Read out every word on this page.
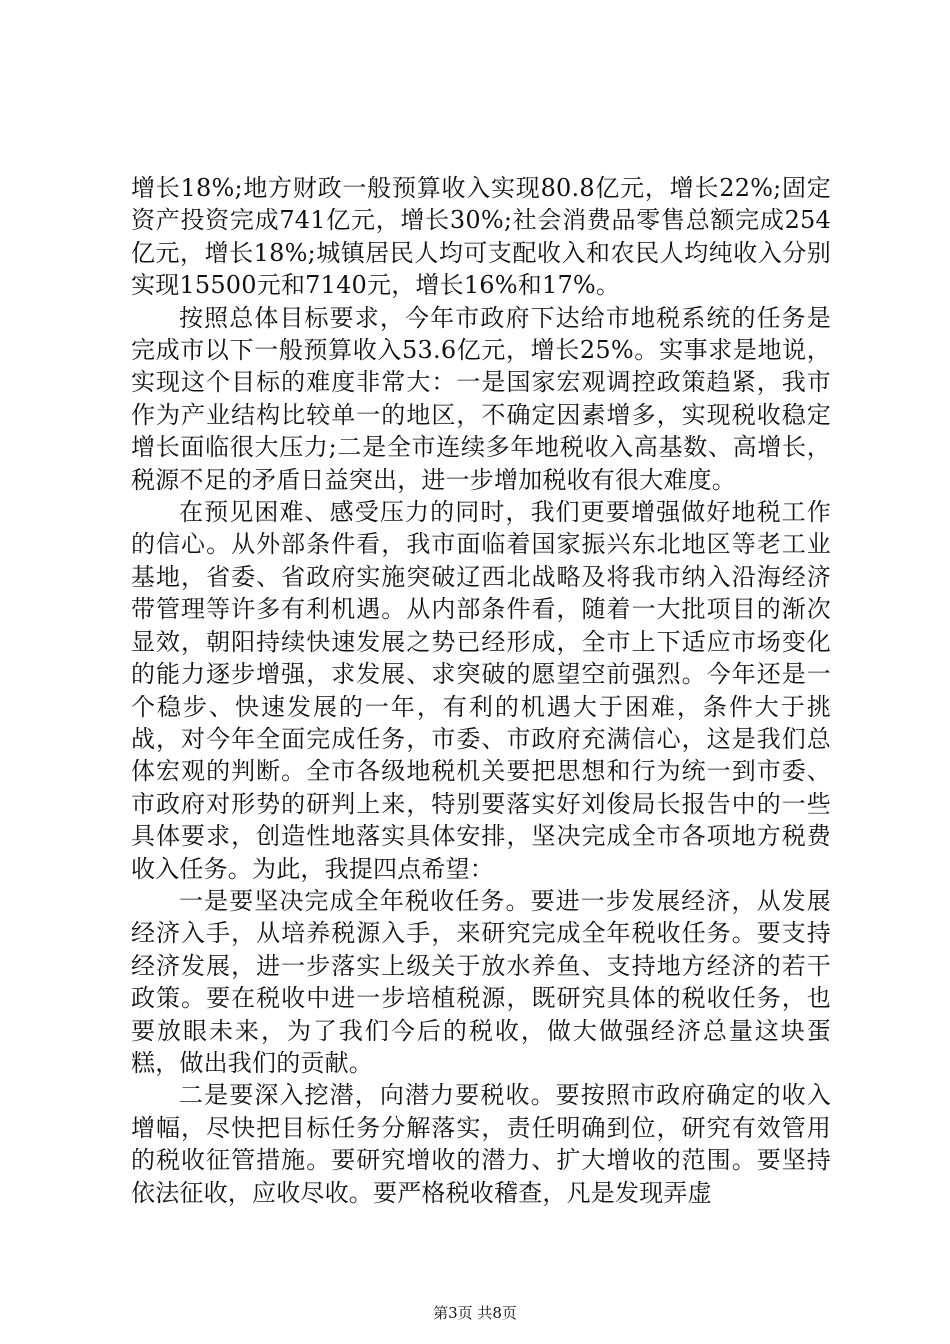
增长18%;地方财政一般预算收入实现80.8亿元，增长22%;固定资产投资完成741亿元，增长30%;社会消费品零售总额完成254亿元，增长18%;城镇居民人均可支配收入和农民人均纯收入分别实现15500元和7140元，增长16%和17%。

按照总体目标要求，今年市政府下达给市地税系统的任务是完成市以下一般预算收入53.6亿元，增长25%。实事求是地说，实现这个目标的难度非常大：一是国家宏观调控政策趋紧，我市作为产业结构比较单一的地区，不确定因素增多，实现税收稳定增长面临很大压力;二是全市连续多年地税收入高基数、高增长，税源不足的矛盾日益突出，进一步增加税收有很大难度。

在预见困难、感受压力的同时，我们更要增强做好地税工作的信心。从外部条件看，我市面临着国家振兴东北地区等老工业基地，省委、省政府实施突破辽西北战略及将我市纳入沿海经济带管理等许多有利机遇。从内部条件看，随着一大批项目的渐次显效，朝阳持续快速发展之势已经形成，全市上下适应市场变化的能力逐步增强，求发展、求突破的愿望空前强烈。今年还是一个稳步、快速发展的一年，有利的机遇大于困难，条件大于挑战，对今年全面完成任务，市委、市政府充满信心，这是我们总体宏观的判断。全市各级地税机关要把思想和行为统一到市委、市政府对形势的研判上来，特别要落实好刘俊局长报告中的一些具体要求，创造性地落实具体安排，坚决完成全市各项地方税费收入任务。为此，我提四点希望：

一是要坚决完成全年税收任务。要进一步发展经济，从发展经济入手，从培养税源入手，来研究完成全年税收任务。要支持经济发展，进一步落实上级关于放水养鱼、支持地方经济的若干政策。要在税收中进一步培植税源，既研究具体的税收任务，也要放眼未来，为了我们今后的税收，做大做强经济总量这块蛋糕，做出我们的贡献。

二是要深入挖潜，向潜力要税收。要按照市政府确定的收入增幅，尽快把目标任务分解落实，责任明确到位，研究有效管用的税收征管措施。要研究增收的潜力、扩大增收的范围。要坚持依法征收，应收尽收。要严格税收稽查，凡是发现弄虚

第3页 共8页
